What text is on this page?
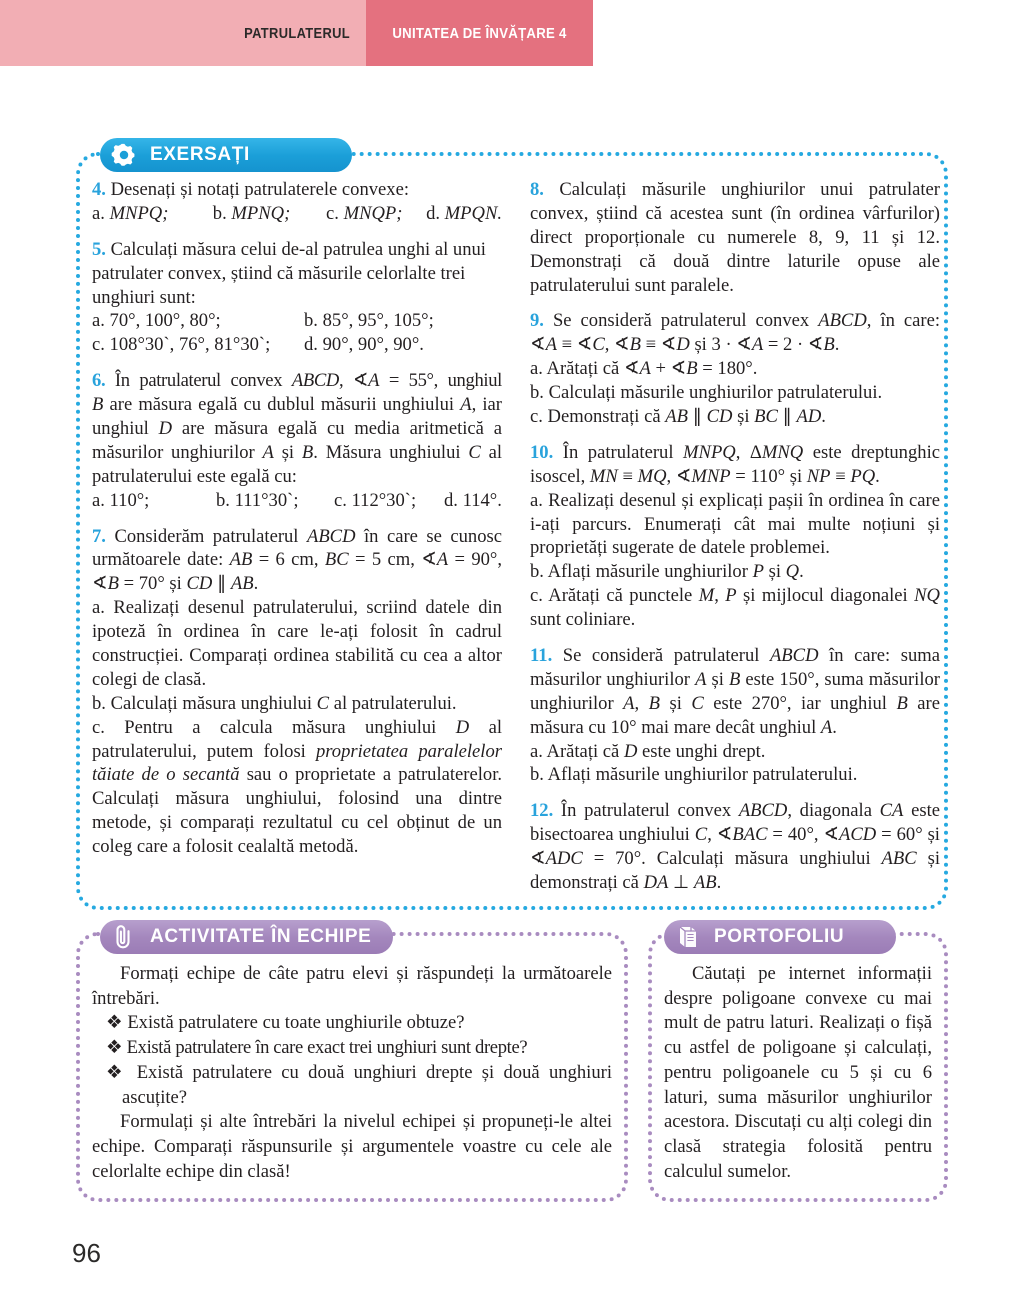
PATRULATERUL	UNITATEA DE ÎNVĂȚARE 4
EXERSAȚI
4. Desenați și notați patrulaterele convexe:
a. MNPQ;	b. MPNQ;	c. MNQP;	d. MPQN.
5. Calculați măsura celui de-al patrulea unghi al unui patrulater convex, știind că măsurile celorlalte trei unghiuri sunt:
a. 70°, 100°, 80°;	b. 85°, 95°, 105°;
c. 108°30`, 76°, 81°30`;	d. 90°, 90°, 90°.
6. În patrulaterul convex ABCD, ∢A = 55°, unghiul
B are măsura egală cu dublul măsurii unghiului A, iar unghiul D are măsura egală cu media aritmetică a măsurilor unghiurilor A și B. Măsura unghiului C al patrulaterului este egală cu:
a. 110°;	b. 111°30`;	c. 112°30`;	d. 114°.
7. Considerăm patrulaterul ABCD în care se cunosc următoarele date: AB = 6 cm, BC = 5 cm, ∢A = 90°, ∢B = 70° și CD ∥ AB.
a. Realizați desenul patrulaterului, scriind datele din ipoteză în ordinea în care le-ați folosit în cadrul construcției. Comparați ordinea stabilită cu cea a altor colegi de clasă.
b. Calculați măsura unghiului C al patrulaterului.
c. Pentru a calcula măsura unghiului D al patrulaterului, putem folosi proprietatea paralelelor tăiate de o secantă sau o proprietate a patrulaterelor. Calculați măsura unghiului, folosind una dintre metode, și comparați rezultatul cu cel obținut de un coleg care a folosit cealaltă metodă.
8. Calculați măsurile unghiurilor unui patrulater convex, știind că acestea sunt (în ordinea vârfurilor) direct proporționale cu numerele 8, 9, 11 și 12. Demonstrați că două dintre laturile opuse ale patrulaterului sunt paralele.
9. Se consideră patrulaterul convex ABCD, în care: ∢A ≡ ∢C, ∢B ≡ ∢D și 3 · ∢A = 2 · ∢B.
a. Arătați că ∢A + ∢B = 180°.
b. Calculați măsurile unghiurilor patrulaterului.
c. Demonstrați că AB ∥ CD și BC ∥ AD.
10. În patrulaterul MNPQ, ΔMNQ este dreptunghic isoscel, MN ≡ MQ, ∢MNP = 110° și NP ≡ PQ.
a. Realizați desenul și explicați pașii în ordinea în care i-ați parcurs. Enumerați cât mai multe noțiuni și proprietăți sugerate de datele problemei.
b. Aflați măsurile unghiurilor P și Q.
c. Arătați că punctele M, P și mijlocul diagonalei NQ sunt coliniare.
11. Se consideră patrulaterul ABCD în care: suma măsurilor unghiurilor A și B este 150°, suma măsurilor unghiurilor A, B și C este 270°, iar unghiul B are măsura cu 10° mai mare decât unghiul A.
a. Arătați că D este unghi drept.
b. Aflați măsurile unghiurilor patrulaterului.
12. În patrulaterul convex ABCD, diagonala CA este bisectoarea unghiului C, ∢BAC = 40°, ∢ACD = 60° și ∢ADC = 70°. Calculați măsura unghiului ABC și demonstrați că DA ⊥ AB.
ACTIVITATE ÎN ECHIPE
Formați echipe de câte patru elevi și răspundeți la următoarele întrebări.
❖ Există patrulatere cu toate unghiurile obtuze?
❖ Există patrulatere în care exact trei unghiuri sunt drepte?
❖ Există patrulatere cu două unghiuri drepte și două unghiuri ascuțite?
Formulați și alte întrebări la nivelul echipei și propuneți-le altei echipe. Comparați răspunsurile și argumentele voastre cu cele ale celorlalte echipe din clasă!
PORTOFOLIU
Căutați pe internet informații despre poligoane convexe cu mai mult de patru laturi. Realizați o fișă cu astfel de poligoane și calculați, pentru poligoanele cu 5 și cu 6 laturi, suma măsurilor unghiurilor acestora. Discutați cu alți colegi din clasă strategia folosită pentru calculul sumelor.
96
